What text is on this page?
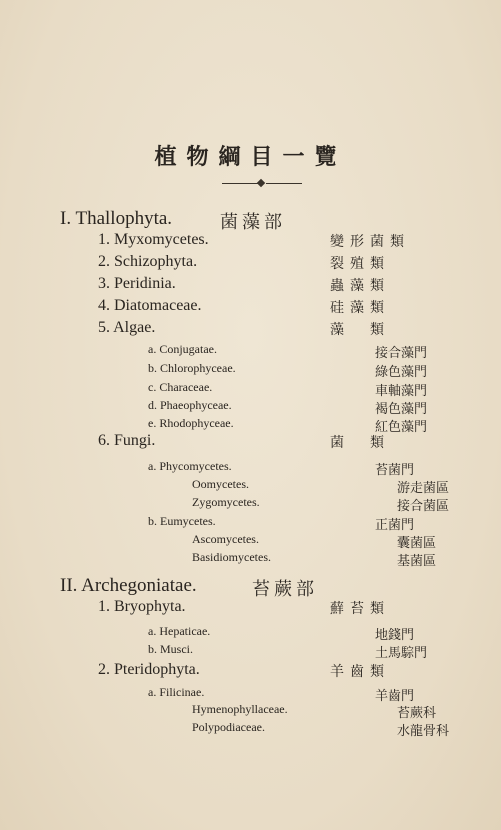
植物綱目一覽
I. Thallophyta.	菌藻部
1. Myxomycetes.	變形菌類
2. Schizophyta.	裂殖類
3. Peridinia.	蟲藻類
4. Diatomaceae.	硅藻類
5. Algae.	藻　類
a. Conjugatae.	接合藻門
b. Chlorophyceae.	綠色藻門
c. Characeae.	車軸藻門
d. Phaeophyceae.	褐色藻門
e. Rhodophyceae.	紅色藻門
6. Fungi.	菌　類
a. Phycomycetes.	苔菌門
Oomycetes.	游走菌區
Zygomycetes.	接合菌區
b. Eumycetes.	正菌門
Ascomycetes.	囊菌區
Basidiomycetes.	基菌區
II. Archegoniatae.	苔蕨部
1. Bryophyta.	蘚苔類
a. Hepaticae.	地錢門
b. Musci.	土馬騌門
2. Pteridophyta.	羊齒類
a. Filicinae.	羊齒門
Hymenophyllaceae.	苔蕨科
Polypodiaceae.	水龍骨科
